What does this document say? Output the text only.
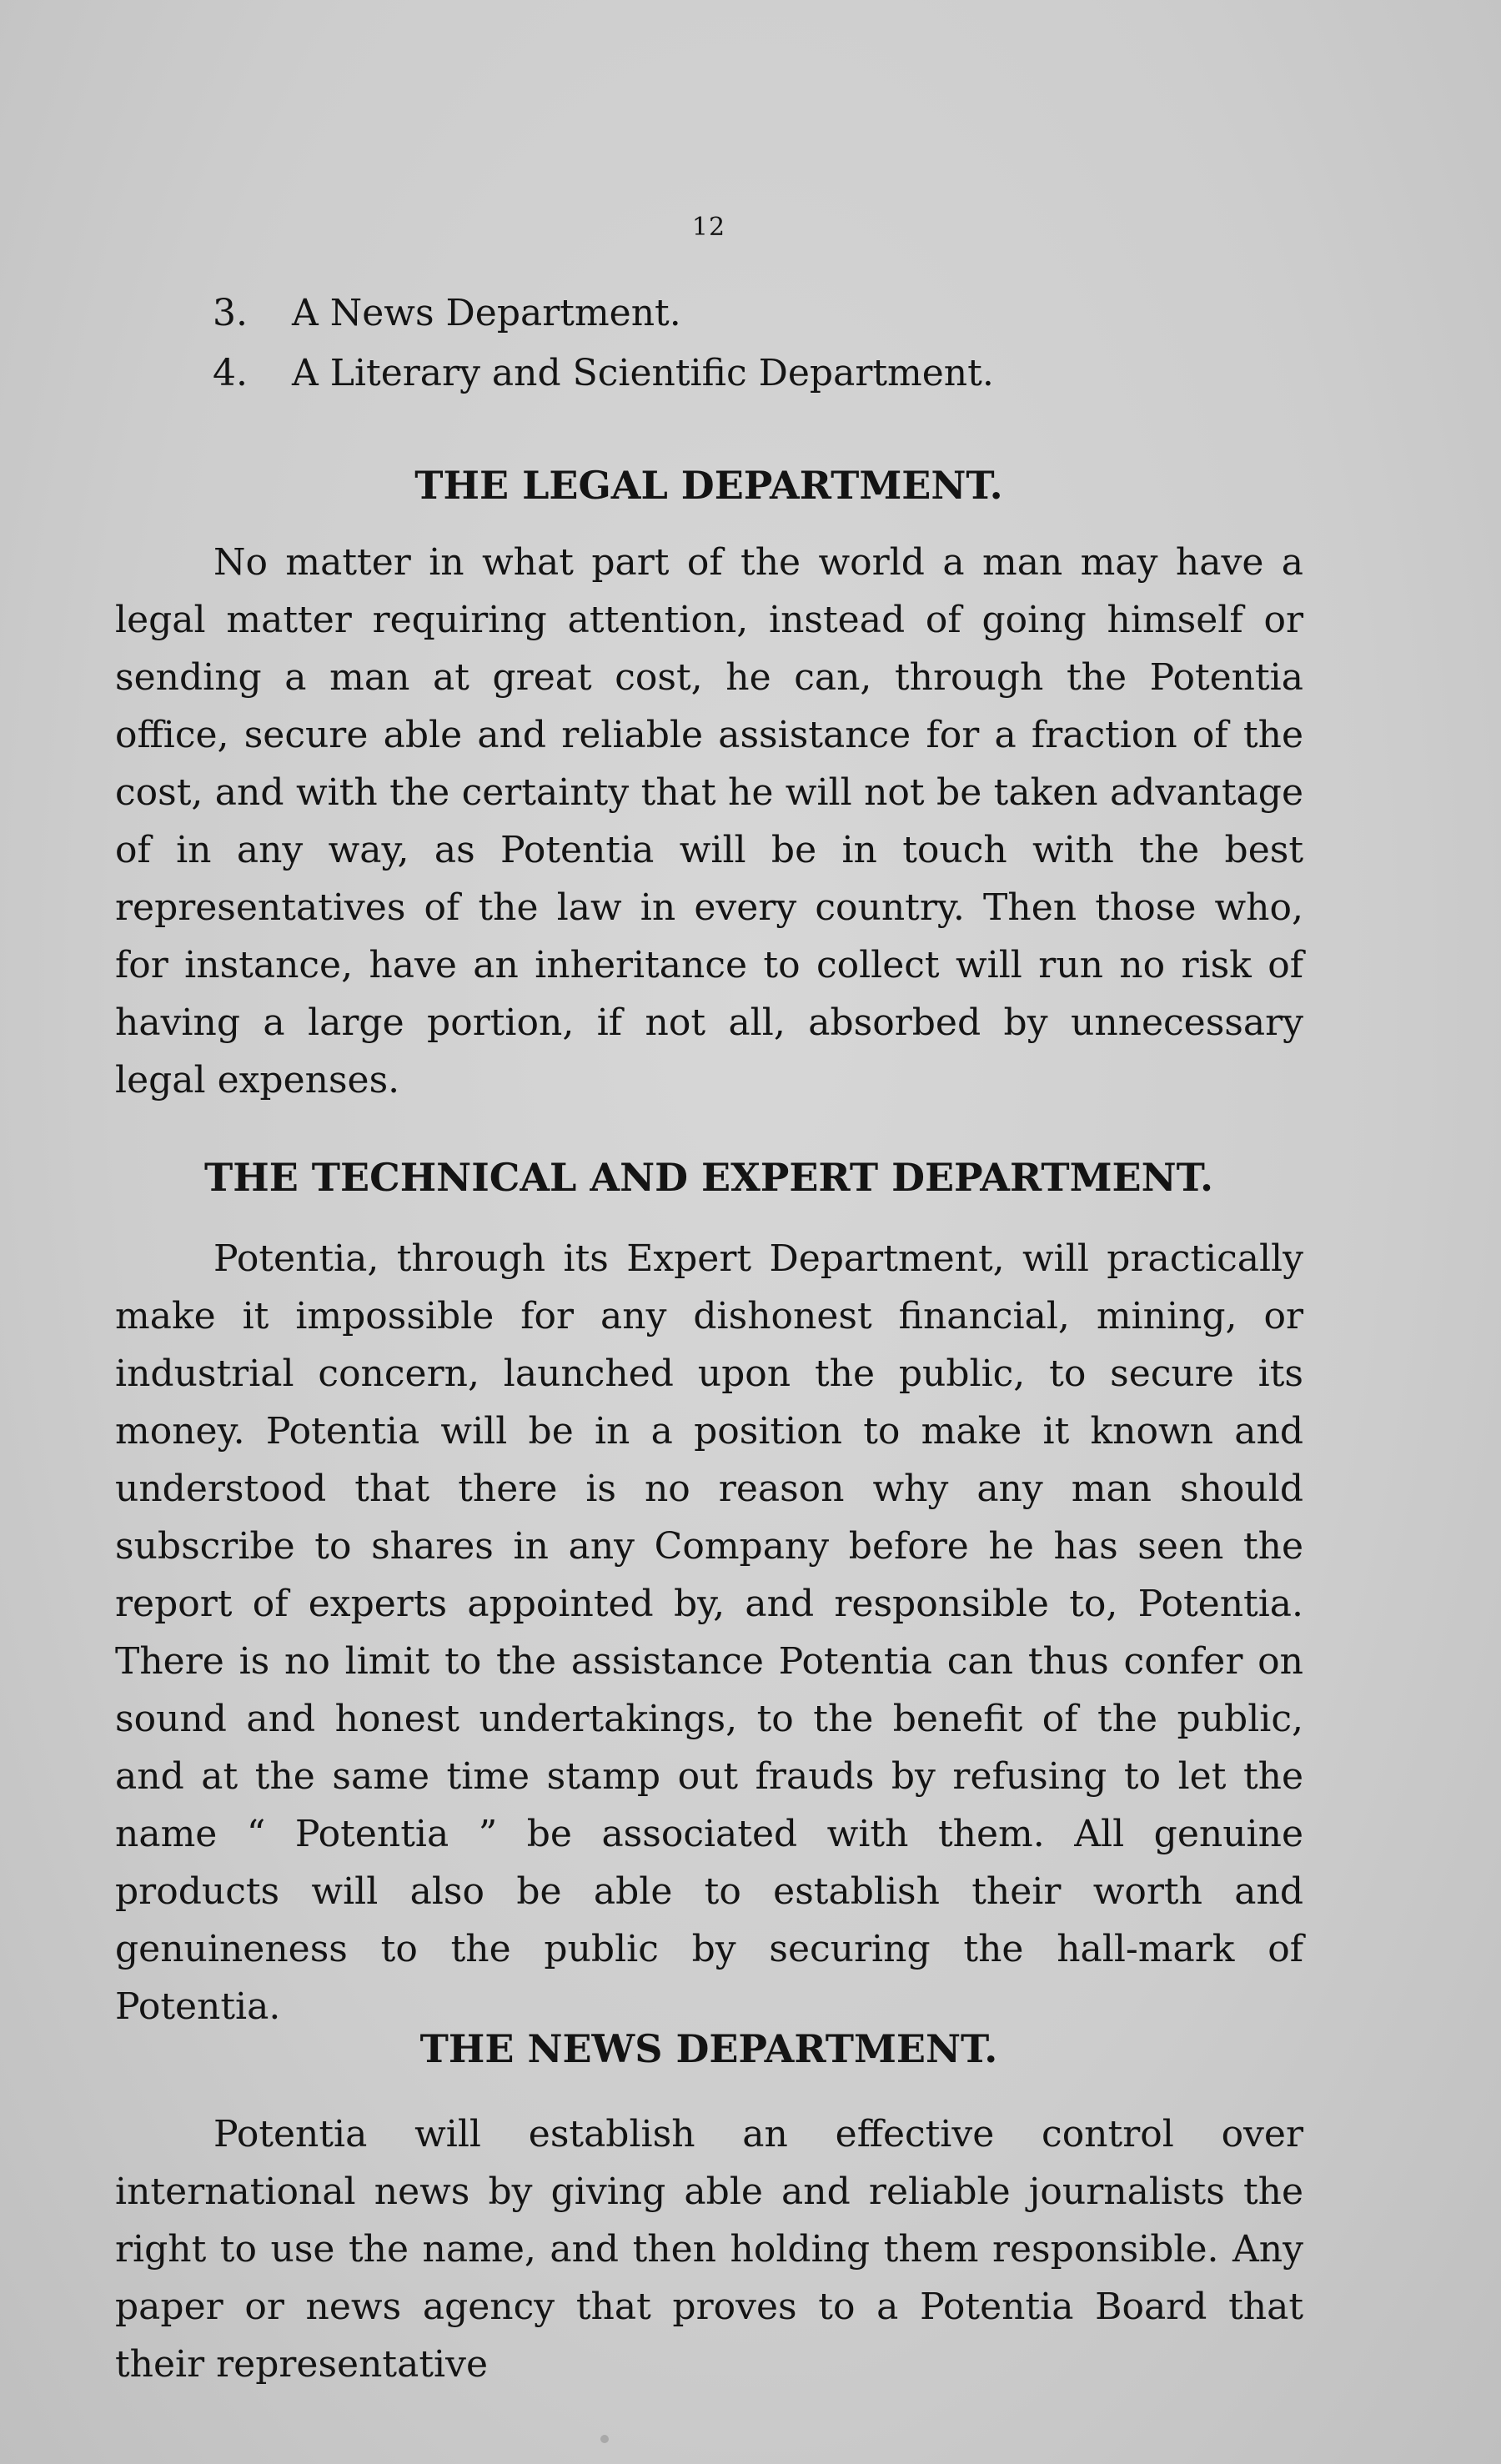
12
3. A News Department.
4. A Literary and Scientific Department.
THE LEGAL DEPARTMENT.

No matter in what part of the world a man may have a legal matter requiring attention, instead of going himself or sending a man at great cost, he can, through the Potentia office, secure able and reliable assistance for a fraction of the cost, and with the certainty that he will not be taken advantage of in any way, as Potentia will be in touch with the best representatives of the law in every country. Then those who, for instance, have an inheritance to collect will run no risk of having a large portion, if not all, absorbed by unnecessary legal expenses.

THE TECHNICAL AND EXPERT DEPARTMENT.

Potentia, through its Expert Department, will practically make it impossible for any dishonest financial, mining, or industrial concern, launched upon the public, to secure its money. Potentia will be in a position to make it known and understood that there is no reason why any man should subscribe to shares in any Company before he has seen the report of experts appointed by, and responsible to, Potentia. There is no limit to the assistance Potentia can thus confer on sound and honest undertakings, to the benefit of the public, and at the same time stamp out frauds by refusing to let the name “ Potentia ” be associated with them. All genuine products will also be able to establish their worth and genuineness to the public by securing the hall-mark of Potentia.

THE NEWS DEPARTMENT.

Potentia will establish an effective control over international news by giving able and reliable journalists the right to use the name, and then holding them responsible. Any paper or news agency that proves to a Potentia Board that their representative
